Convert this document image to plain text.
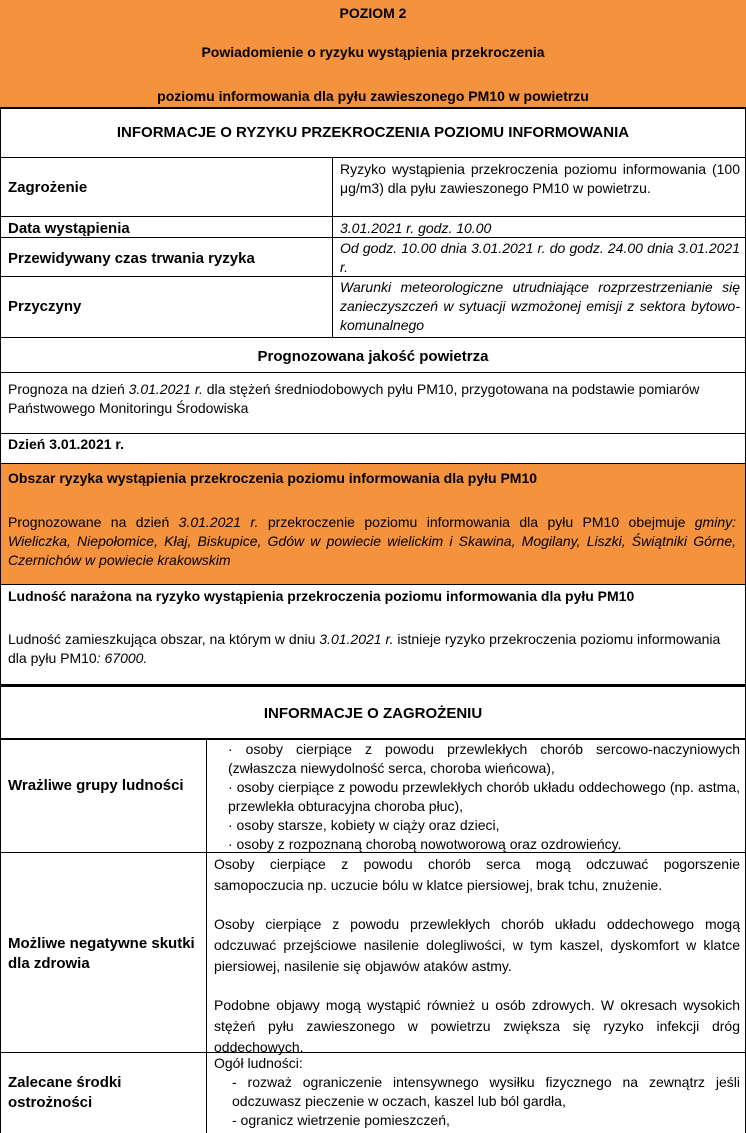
POZIOM 2
Powiadomienie o ryzyku wystąpienia przekroczenia
poziomu informowania dla pyłu zawieszonego PM10 w powietrzu
INFORMACJE O RYZYKU PRZEKROCZENIA POZIOMU INFORMOWANIA
Zagrożenie
Ryzyko wystąpienia przekroczenia poziomu informowania (100 μg/m3) dla pyłu zawieszonego PM10 w powietrzu.
Data wystąpienia	3.01.2021 r. godz. 10.00
Przewidywany czas trwania ryzyka
Od godz. 10.00 dnia 3.01.2021 r. do godz. 24.00 dnia 3.01.2021 r.
Przyczyny
Warunki meteorologiczne utrudniające rozprzestrzenianie się zanieczyszczeń w sytuacji wzmożonej emisji z sektora bytowo-komunalnego
Prognozowana jakość powietrza
Prognoza na dzień 3.01.2021 r. dla stężeń średniodobowych pyłu PM10, przygotowana na podstawie pomiarów Państwowego Monitoringu Środowiska
Dzień 3.01.2021 r.
Obszar ryzyka wystąpienia przekroczenia poziomu informowania dla pyłu PM10
Prognozowane na dzień 3.01.2021 r. przekroczenie poziomu informowania dla pyłu PM10 obejmuje gminy: Wieliczka, Niepołomice, Kłaj, Biskupice, Gdów w powiecie wielickim i Skawina, Mogilany, Liszki, Świątniki Górne, Czernichów w powiecie krakowskim
Ludność narażona na ryzyko wystąpienia przekroczenia poziomu informowania dla pyłu PM10
Ludność zamieszkująca obszar, na którym w dniu 3.01.2021 r. istnieje ryzyko przekroczenia poziomu informowania dla pyłu PM10: 67000.
INFORMACJE O ZAGROŻENIU
Wrażliwe grupy ludności

· osoby cierpiące z powodu przewlekłych chorób sercowo-naczyniowych (zwłaszcza niewydolność serca, choroba wieńcowa),

· osoby cierpiące z powodu przewlekłych chorób układu oddechowego (np. astma, przewlekła obturacyjna choroba płuc),

· osoby starsze, kobiety w ciąży oraz dzieci,

· osoby z rozpoznaną chorobą nowotworową oraz ozdrowieńcy.

Możliwe negatywne skutki dla zdrowia

Osoby cierpiące z powodu chorób serca mogą odczuwać pogorszenie samopoczucia np. uczucie bólu w klatce piersiowej, brak tchu, znużenie.

Osoby cierpiące z powodu przewlekłych chorób układu oddechowego mogą odczuwać przejściowe nasilenie dolegliwości, w tym kaszel, dyskomfort w klatce piersiowej, nasilenie się objawów ataków astmy.

Podobne objawy mogą wystąpić również u osób zdrowych. W okresach wysokich stężeń pyłu zawieszonego w powietrzu zwiększa się ryzyko infekcji dróg oddechowych.

Zalecane środki ostrożności

Ogół ludności:

- rozważ ograniczenie intensywnego wysiłku fizycznego na zewnątrz jeśli odczuwasz pieczenie w oczach, kaszel lub ból gardła,

- ogranicz wietrzenie pomieszczeń,
